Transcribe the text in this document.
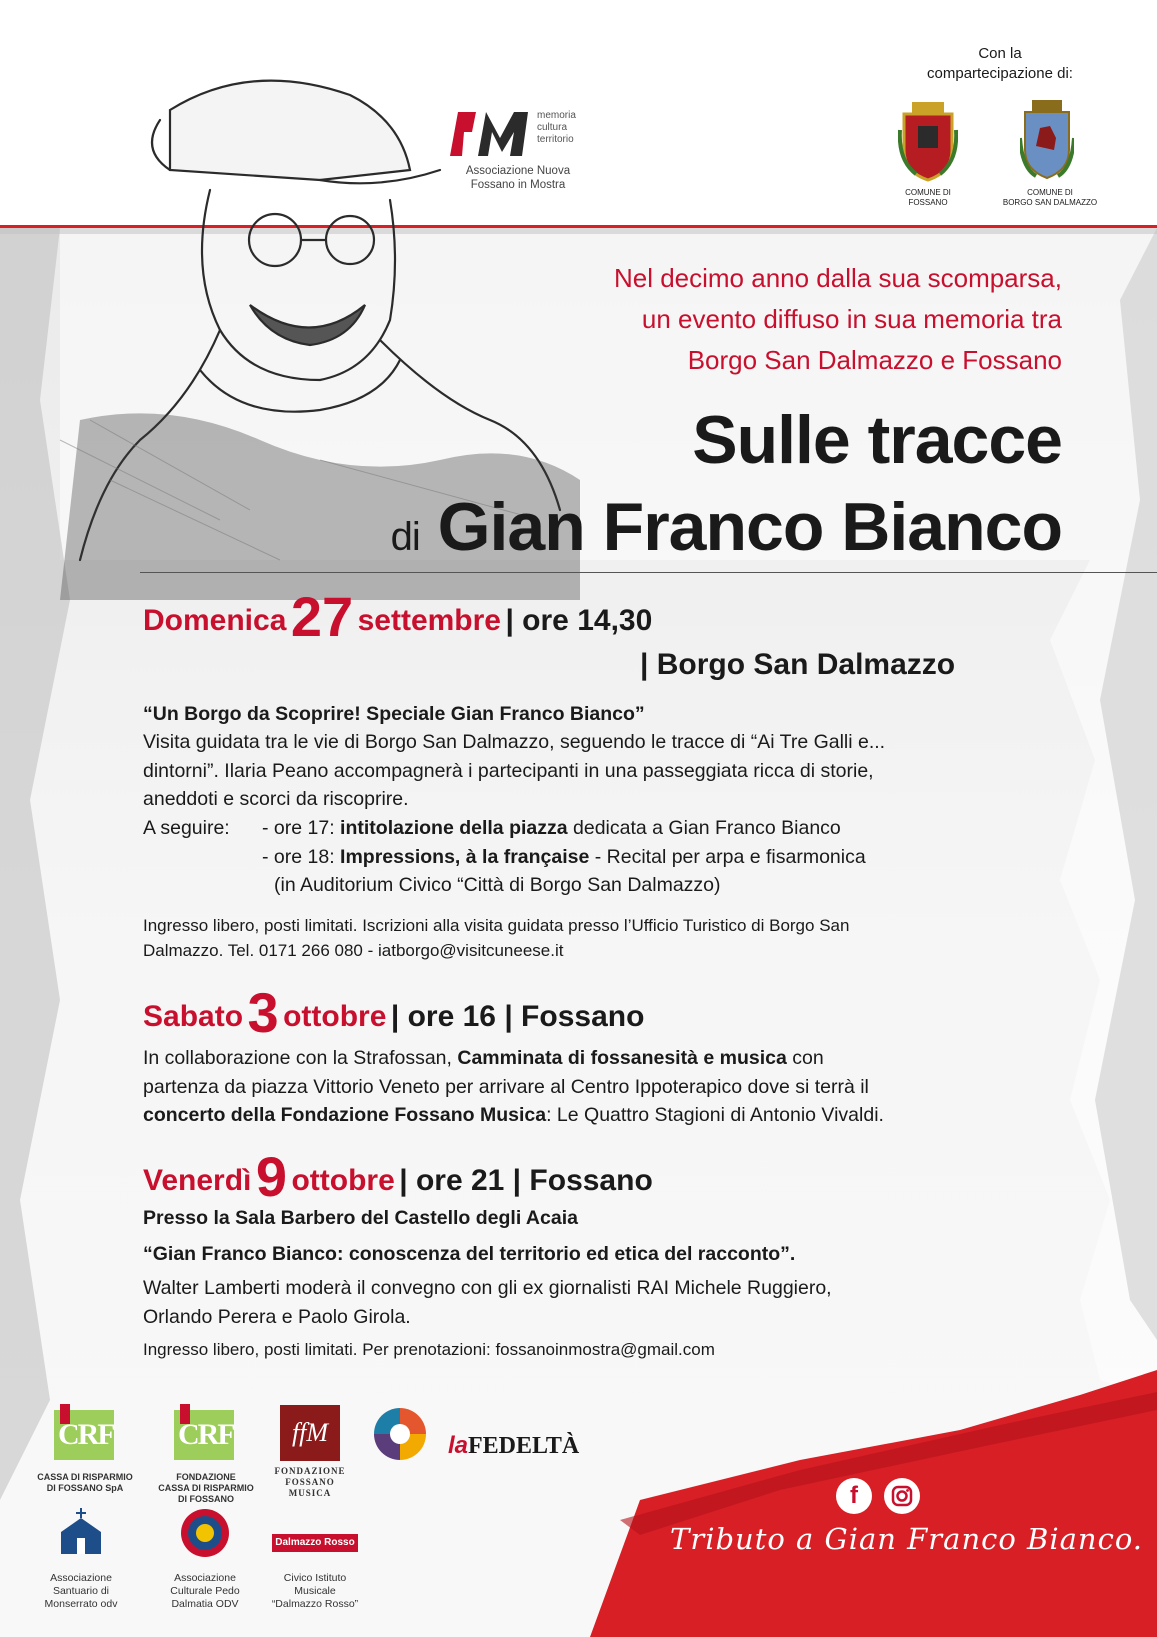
memoria
cultura
territorio
Associazione Nuova
Fossano in Mostra
Con la
compartecipazione di:
COMUNE DI
FOSSANO
COMUNE DI
BORGO SAN DALMAZZO
Nel decimo anno dalla sua scomparsa,
un evento diffuso in sua memoria tra
Borgo San Dalmazzo e Fossano
Sulle tracce
di Gian Franco Bianco
Domenica 27 settembre | ore 14,30
| Borgo San Dalmazzo
“Un Borgo da Scoprire! Speciale Gian Franco Bianco”
Visita guidata tra le vie di Borgo San Dalmazzo, seguendo le tracce di “Ai Tre Galli e...
dintorni”. Ilaria Peano accompagnerà i partecipanti in una passeggiata ricca di storie,
aneddoti e scorci da riscoprire.
A seguire:	- ore 17: intitolazione della piazza dedicata a Gian Franco Bianco
- ore 18: Impressions, à la française - Recital per arpa e fisarmonica
(in Auditorium Civico “Città di Borgo San Dalmazzo)
Ingresso libero, posti limitati. Iscrizioni alla visita guidata presso l’Ufficio Turistico di Borgo San
Dalmazzo. Tel. 0171 266 080 - iatborgo@visitcuneese.it
Sabato 3 ottobre | ore 16 | Fossano
In collaborazione con la Strafossan, Camminata di fossanesità e musica con
partenza da piazza Vittorio Veneto per arrivare al Centro Ippoterapico dove si terrà il
concerto della Fondazione Fossano Musica: Le Quattro Stagioni di Antonio Vivaldi.
Venerdì 9 ottobre | ore 21 | Fossano
Presso la Sala Barbero del Castello degli Acaia
“Gian Franco Bianco: conoscenza del territorio ed etica del racconto”.
Walter Lamberti moderà il convegno con gli ex giornalisti RAI Michele Ruggiero,
Orlando Perera e Paolo Girola.
Ingresso libero, posti limitati. Per prenotazioni: fossanoinmostra@gmail.com
CRF
CASSA DI RISPARMIO
DI FOSSANO SpA
CRF
FONDAZIONE
CASSA DI RISPARMIO
DI FOSSANO
ffM
FONDAZIONE
FOSSANO
MUSICA
laFEDELTÀ
Associazione
Santuario di
Monserrato odv
Associazione
Culturale Pedo
Dalmatia ODV
Dalmazzo Rosso
Civico Istituto
Musicale
“Dalmazzo Rosso”
f
Tributo a Gian Franco Bianco.
